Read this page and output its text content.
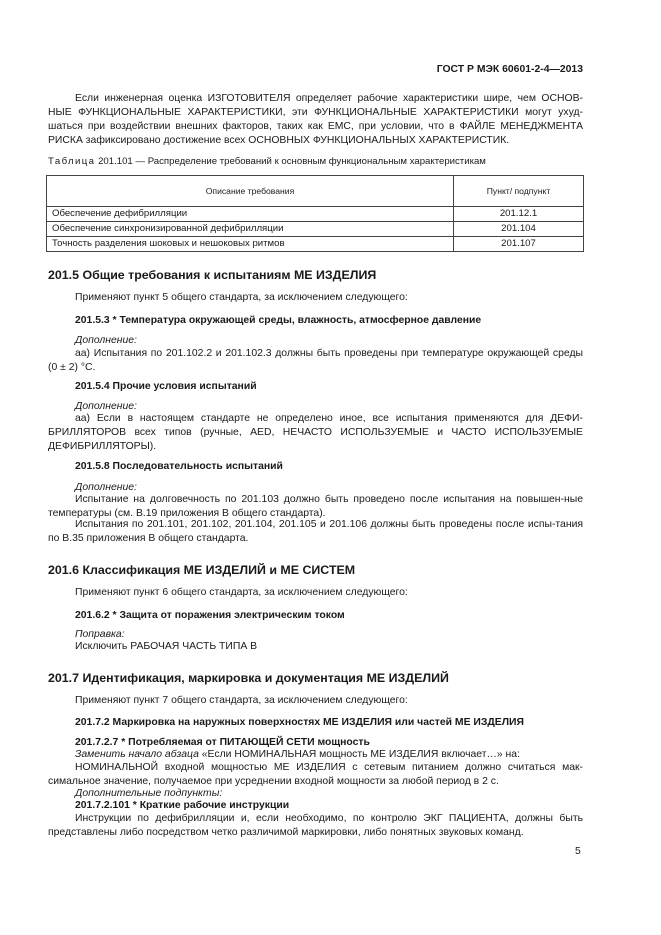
ГОСТ Р МЭК 60601-2-4—2013

Если инженерная оценка ИЗГОТОВИТЕЛЯ определяет рабочие характеристики шире, чем ОСНОВ-НЫЕ ФУНКЦИОНАЛЬНЫЕ ХАРАКТЕРИСТИКИ, эти ФУНКЦИОНАЛЬНЫЕ ХАРАКТЕРИСТИКИ могут ухуд-шаться при воздействии внешних факторов, таких как ЕМС, при условии, что в ФАЙЛЕ МЕНЕДЖМЕНТА РИСКА зафиксировано достижение всех ОСНОВНЫХ ФУНКЦИОНАЛЬНЫХ ХАРАКТЕРИСТИК.

Таблица 201.101 — Распределение требований к основным функциональным характеристикам

Описание требования	Пункт/ подпункт
Обеспечение дефибрилляции	201.12.1
Обеспечение синхронизированной дефибрилляции	201.104
Точность разделения шоковых и нешоковых ритмов	201.107

201.5 Общие требования к испытаниям МЕ ИЗДЕЛИЯ

Применяют пункт 5 общего стандарта, за исключением следующего:

201.5.3 * Температура окружающей среды, влажность, атмосферное давление

Дополнение:

аа) Испытания по 201.102.2 и 201.102.3 должны быть проведены при температуре окружающей среды (0 ± 2) °С.

201.5.4 Прочие условия испытаний

Дополнение:

аа) Если в настоящем стандарте не определено иное, все испытания применяются для ДЕФИ-БРИЛЛЯТОРОВ всех типов (ручные, AED, НЕЧАСТО ИСПОЛЬЗУЕМЫЕ и ЧАСТО ИСПОЛЬЗУЕМЫЕ ДЕФИБРИЛЛЯТОРЫ).

201.5.8 Последовательность испытаний

Дополнение:

Испытание на долговечность по 201.103 должно быть проведено после испытания на повышен-ные температуры (см. В.19 приложения В общего стандарта).

Испытания по 201.101, 201.102, 201.104, 201.105 и 201.106 должны быть проведены после испы-тания по В.35 приложения В общего стандарта.

201.6 Классификация МЕ ИЗДЕЛИЙ и МЕ СИСТЕМ

Применяют пункт 6 общего стандарта, за исключением следующего:

201.6.2 * Защита от поражения электрическим током

Поправка:

Исключить РАБОЧАЯ ЧАСТЬ ТИПА В

201.7 Идентификация, маркировка и документация МЕ ИЗДЕЛИЙ

Применяют пункт 7 общего стандарта, за исключением следующего:

201.7.2 Маркировка на наружных поверхностях МЕ ИЗДЕЛИЯ или частей МЕ ИЗДЕЛИЯ

201.7.2.7 * Потребляемая от ПИТАЮЩЕЙ СЕТИ мощность

Заменить начало абзаца «Если НОМИНАЛЬНАЯ мощность МЕ ИЗДЕЛИЯ включает…» на:

НОМИНАЛЬНОЙ входной мощностью МЕ ИЗДЕЛИЯ с сетевым питанием должно считаться мак-симальное значение, получаемое при усреднении входной мощности за любой период в 2 с.

Дополнительные подпункты:

201.7.2.101 * Краткие рабочие инструкции

Инструкции по дефибрилляции и, если необходимо, по контролю ЭКГ ПАЦИЕНТА, должны быть представлены либо посредством четко различимой маркировки, либо понятных звуковых команд.

5
